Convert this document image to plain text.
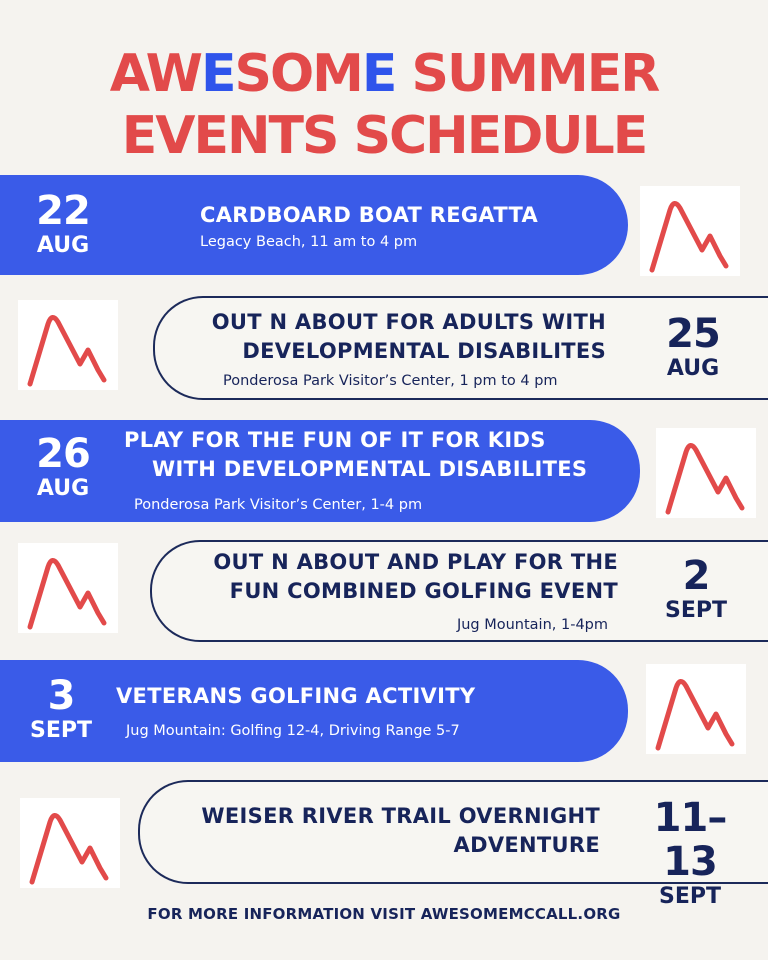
AWESOME SUMMER
EVENTS SCHEDULE
22
AUG
CARDBOARD BOAT REGATTA
Legacy Beach, 11 am to 4 pm
OUT N ABOUT FOR ADULTS WITH
DEVELOPMENTAL DISABILITES
Ponderosa Park Visitor’s Center, 1 pm to 4 pm
25
AUG
26
AUG
PLAY FOR THE FUN OF IT FOR KIDS
WITH DEVELOPMENTAL DISABILITES
Ponderosa Park Visitor’s Center, 1-4 pm
OUT N ABOUT AND PLAY FOR THE
FUN COMBINED GOLFING EVENT
Jug Mountain, 1-4pm
2
SEPT
3
SEPT
VETERANS GOLFING ACTIVITY
Jug Mountain: Golfing 12-4, Driving Range 5-7
WEISER RIVER TRAIL OVERNIGHT
ADVENTURE
11–13
SEPT
FOR MORE INFORMATION VISIT AWESOMEMCCALL.ORG
